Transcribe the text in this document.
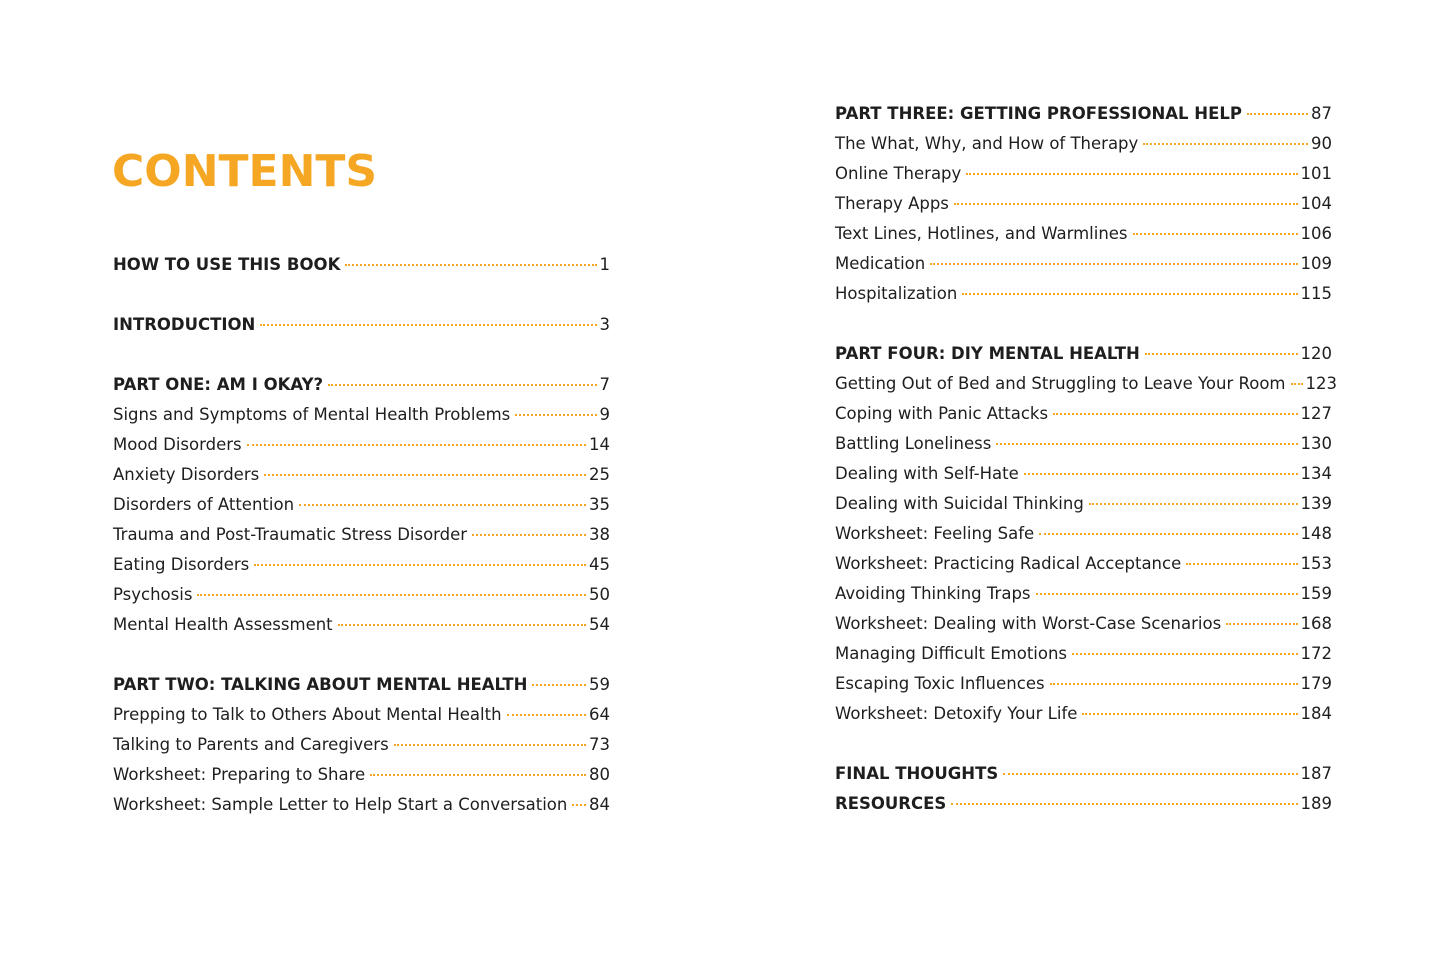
CONTENTS
HOW TO USE THIS BOOK	1
INTRODUCTION	3
PART ONE: AM I OKAY?	7
Signs and Symptoms of Mental Health Problems	9
Mood Disorders	14
Anxiety Disorders	25
Disorders of Attention	35
Trauma and Post-Traumatic Stress Disorder	38
Eating Disorders	45
Psychosis	50
Mental Health Assessment	54
PART TWO: TALKING ABOUT MENTAL HEALTH	59
Prepping to Talk to Others About Mental Health	64
Talking to Parents and Caregivers	73
Worksheet: Preparing to Share	80
Worksheet: Sample Letter to Help Start a Conversation 84
PART THREE: GETTING PROFESSIONAL HELP	87
The What, Why, and How of Therapy	90
Online Therapy	101
Therapy Apps	104
Text Lines, Hotlines, and Warmlines	106
Medication	109
Hospitalization	115
PART FOUR: DIY MENTAL HEALTH	120
Getting Out of Bed and Struggling to Leave Your Room 123
Coping with Panic Attacks	127
Battling Loneliness	130
Dealing with Self-Hate	134
Dealing with Suicidal Thinking	139
Worksheet: Feeling Safe	148
Worksheet: Practicing Radical Acceptance	153
Avoiding Thinking Traps	159
Worksheet: Dealing with Worst-Case Scenarios	168
Managing Difficult Emotions	172
Escaping Toxic Influences	179
Worksheet: Detoxify Your Life	184
FINAL THOUGHTS	187
RESOURCES	189
